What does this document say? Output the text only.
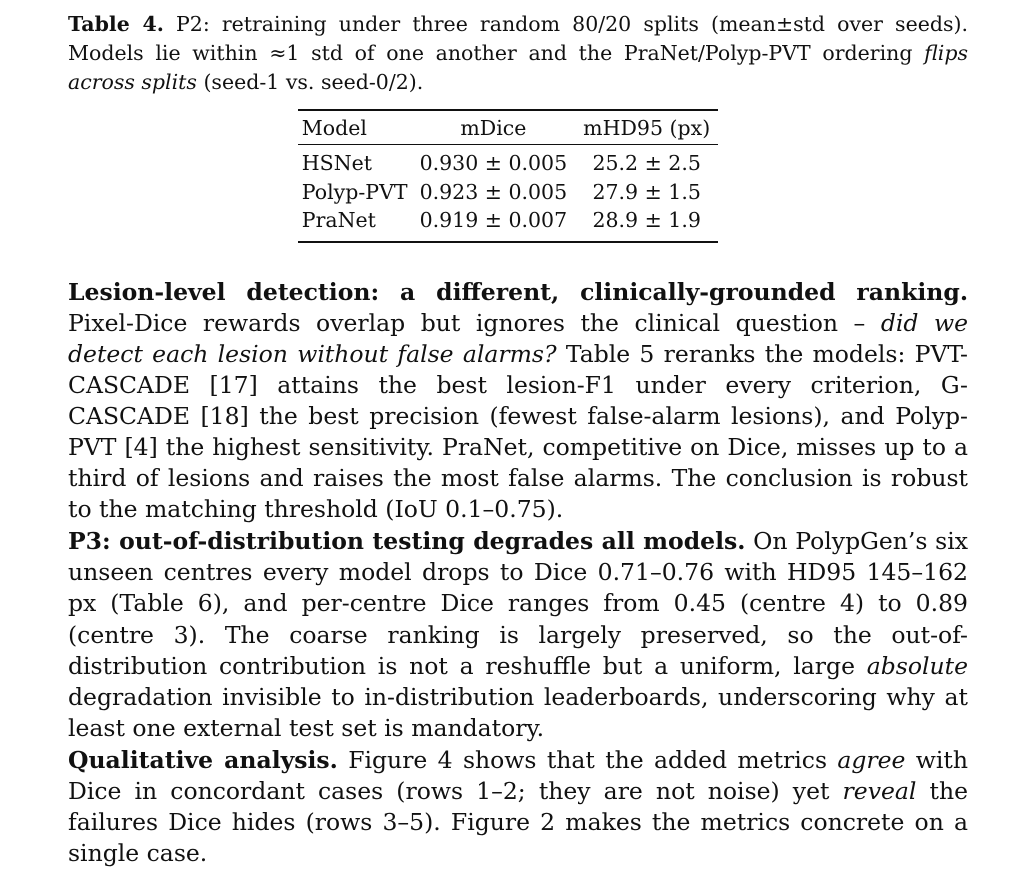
Table 4. P2: retraining under three random 80/20 splits (mean±std over seeds). Models lie within ≈1 std of one another and the PraNet/Polyp-PVT ordering flips across splits (seed-1 vs. seed-0/2).

Model	mDice	mHD95 (px)
HSNet	0.930 ± 0.005	25.2 ± 2.5
Polyp-PVT	0.923 ± 0.005	27.9 ± 1.5
PraNet	0.919 ± 0.007	28.9 ± 1.9

Lesion-level detection: a different, clinically-grounded ranking. Pixel-Dice rewards overlap but ignores the clinical question – did we detect each lesion without false alarms? Table 5 reranks the models: PVT-CASCADE [17] attains the best lesion-F1 under every criterion, G-CASCADE [18] the best precision (fewest false-alarm lesions), and Polyp-PVT [4] the highest sensitivity. PraNet, competitive on Dice, misses up to a third of lesions and raises the most false alarms. The conclusion is robust to the matching threshold (IoU 0.1–0.75).

P3: out-of-distribution testing degrades all models. On PolypGen’s six unseen centres every model drops to Dice 0.71–0.76 with HD95 145–162 px (Table 6), and per-centre Dice ranges from 0.45 (centre 4) to 0.89 (centre 3). The coarse ranking is largely preserved, so the out-of-distribution contribution is not a reshuffle but a uniform, large absolute degradation invisible to in-distribution leaderboards, underscoring why at least one external test set is mandatory.

Qualitative analysis. Figure 4 shows that the added metrics agree with Dice in concordant cases (rows 1–2; they are not noise) yet reveal the failures Dice hides (rows 3–5). Figure 2 makes the metrics concrete on a single case.
